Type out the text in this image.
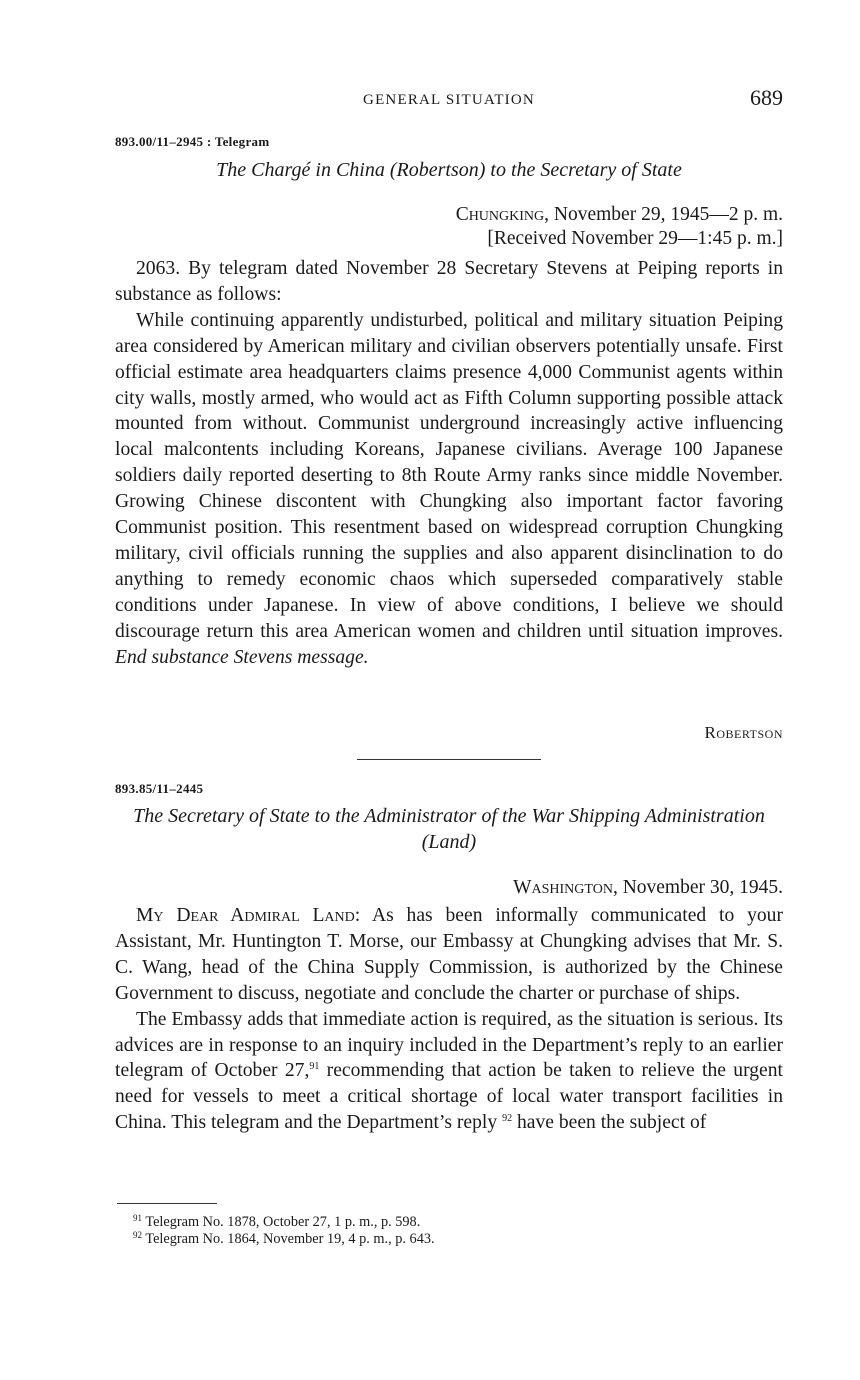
GENERAL SITUATION	689
893.00/11–2945 : Telegram
The Chargé in China (Robertson) to the Secretary of State
Chungking, November 29, 1945—2 p. m.
[Received November 29—1:45 p. m.]

2063. By telegram dated November 28 Secretary Stevens at Peiping reports in substance as follows:

While continuing apparently undisturbed, political and military situation Peiping area considered by American military and civilian observers potentially unsafe. First official estimate area headquarters claims presence 4,000 Communist agents within city walls, mostly armed, who would act as Fifth Column supporting possible attack mounted from without. Communist underground increasingly active influencing local malcontents including Koreans, Japanese civilians. Average 100 Japanese soldiers daily reported deserting to 8th Route Army ranks since middle November. Growing Chinese discontent with Chungking also important factor favoring Communist position. This resentment based on widespread corruption Chungking military, civil officials running the supplies and also apparent disinclination to do anything to remedy economic chaos which superseded comparatively stable conditions under Japanese. In view of above conditions, I believe we should discourage return this area American women and children until situation improves. End substance Stevens message.

Robertson
893.85/11–2445
The Secretary of State to the Administrator of the War Shipping Administration (Land)
Washington, November 30, 1945.

My Dear Admiral Land: As has been informally communicated to your Assistant, Mr. Huntington T. Morse, our Embassy at Chungking advises that Mr. S. C. Wang, head of the China Supply Commission, is authorized by the Chinese Government to discuss, negotiate and conclude the charter or purchase of ships.

The Embassy adds that immediate action is required, as the situation is serious. Its advices are in response to an inquiry included in the Department’s reply to an earlier telegram of October 27,91 recommending that action be taken to relieve the urgent need for vessels to meet a critical shortage of local water transport facilities in China. This telegram and the Department’s reply $^{92}$ have been the subject of

$^{91}$ Telegram No. 1878, October 27, 1 p. m., p. 598.
$^{92}$ Telegram No. 1864, November 19, 4 p. m., p. 643.
